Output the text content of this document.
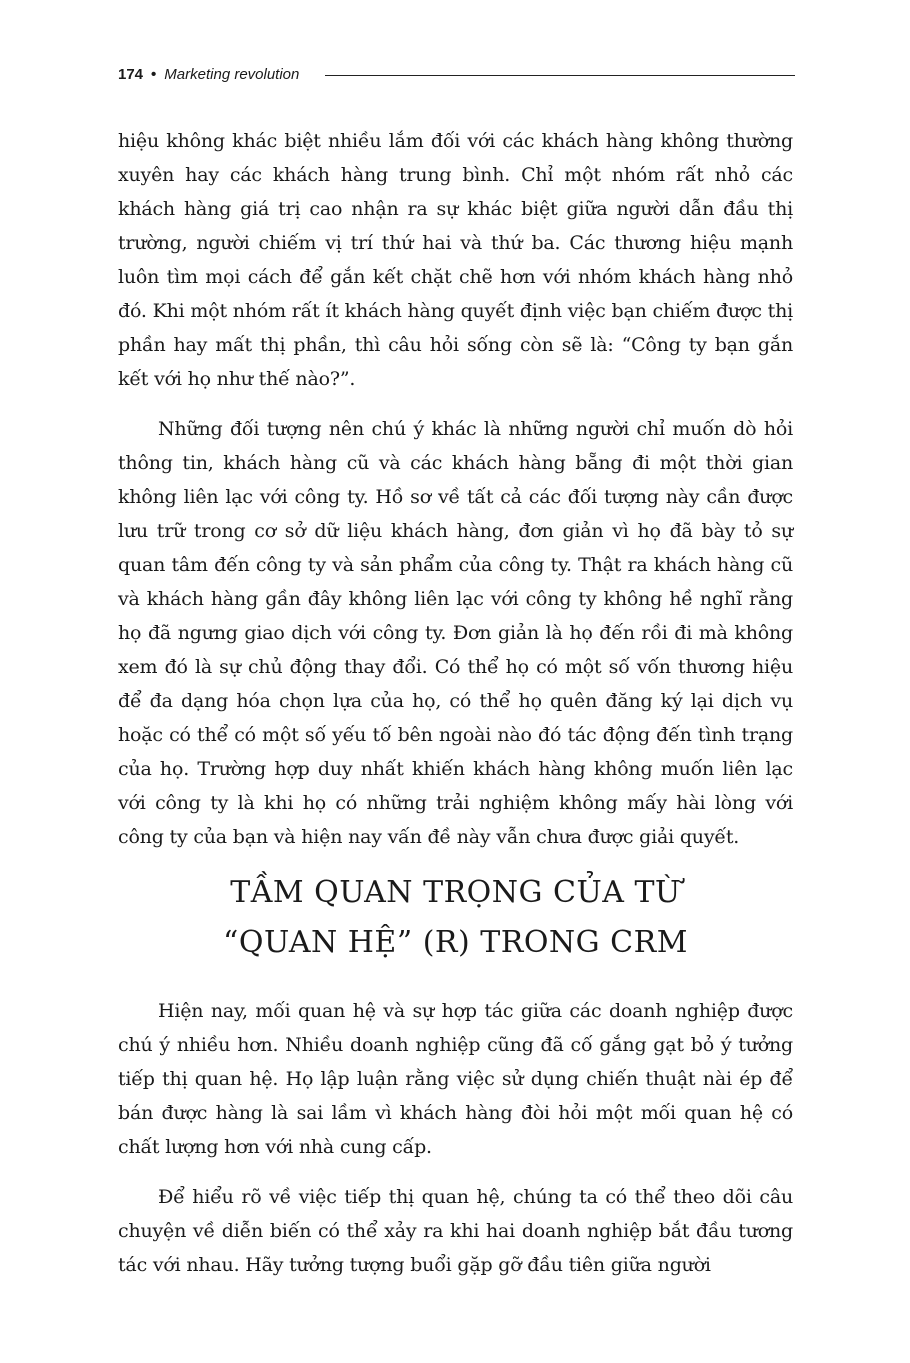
174 • Marketing revolution

hiệu không khác biệt nhiều lắm đối với các khách hàng không thường xuyên hay các khách hàng trung bình. Chỉ một nhóm rất nhỏ các khách hàng giá trị cao nhận ra sự khác biệt giữa người dẫn đầu thị trường, người chiếm vị trí thứ hai và thứ ba. Các thương hiệu mạnh luôn tìm mọi cách để gắn kết chặt chẽ hơn với nhóm khách hàng nhỏ đó. Khi một nhóm rất ít khách hàng quyết định việc bạn chiếm được thị phần hay mất thị phần, thì câu hỏi sống còn sẽ là: “Công ty bạn gắn kết với họ như thế nào?”.

Những đối tượng nên chú ý khác là những người chỉ muốn dò hỏi thông tin, khách hàng cũ và các khách hàng bẵng đi một thời gian không liên lạc với công ty. Hồ sơ về tất cả các đối tượng này cần được lưu trữ trong cơ sở dữ liệu khách hàng, đơn giản vì họ đã bày tỏ sự quan tâm đến công ty và sản phẩm của công ty. Thật ra khách hàng cũ và khách hàng gần đây không liên lạc với công ty không hề nghĩ rằng họ đã ngưng giao dịch với công ty. Đơn giản là họ đến rồi đi mà không xem đó là sự chủ động thay đổi. Có thể họ có một số vốn thương hiệu để đa dạng hóa chọn lựa của họ, có thể họ quên đăng ký lại dịch vụ hoặc có thể có một số yếu tố bên ngoài nào đó tác động đến tình trạng của họ. Trường hợp duy nhất khiến khách hàng không muốn liên lạc với công ty là khi họ có những trải nghiệm không mấy hài lòng với công ty của bạn và hiện nay vấn đề này vẫn chưa được giải quyết.

TẦM QUAN TRỌNG CỦA TỪ
“QUAN HỆ” (R) TRONG CRM

Hiện nay, mối quan hệ và sự hợp tác giữa các doanh nghiệp được chú ý nhiều hơn. Nhiều doanh nghiệp cũng đã cố gắng gạt bỏ ý tưởng tiếp thị quan hệ. Họ lập luận rằng việc sử dụng chiến thuật nài ép để bán được hàng là sai lầm vì khách hàng đòi hỏi một mối quan hệ có chất lượng hơn với nhà cung cấp.

Để hiểu rõ về việc tiếp thị quan hệ, chúng ta có thể theo dõi câu chuyện về diễn biến có thể xảy ra khi hai doanh nghiệp bắt đầu tương tác với nhau. Hãy tưởng tượng buổi gặp gỡ đầu tiên giữa người
